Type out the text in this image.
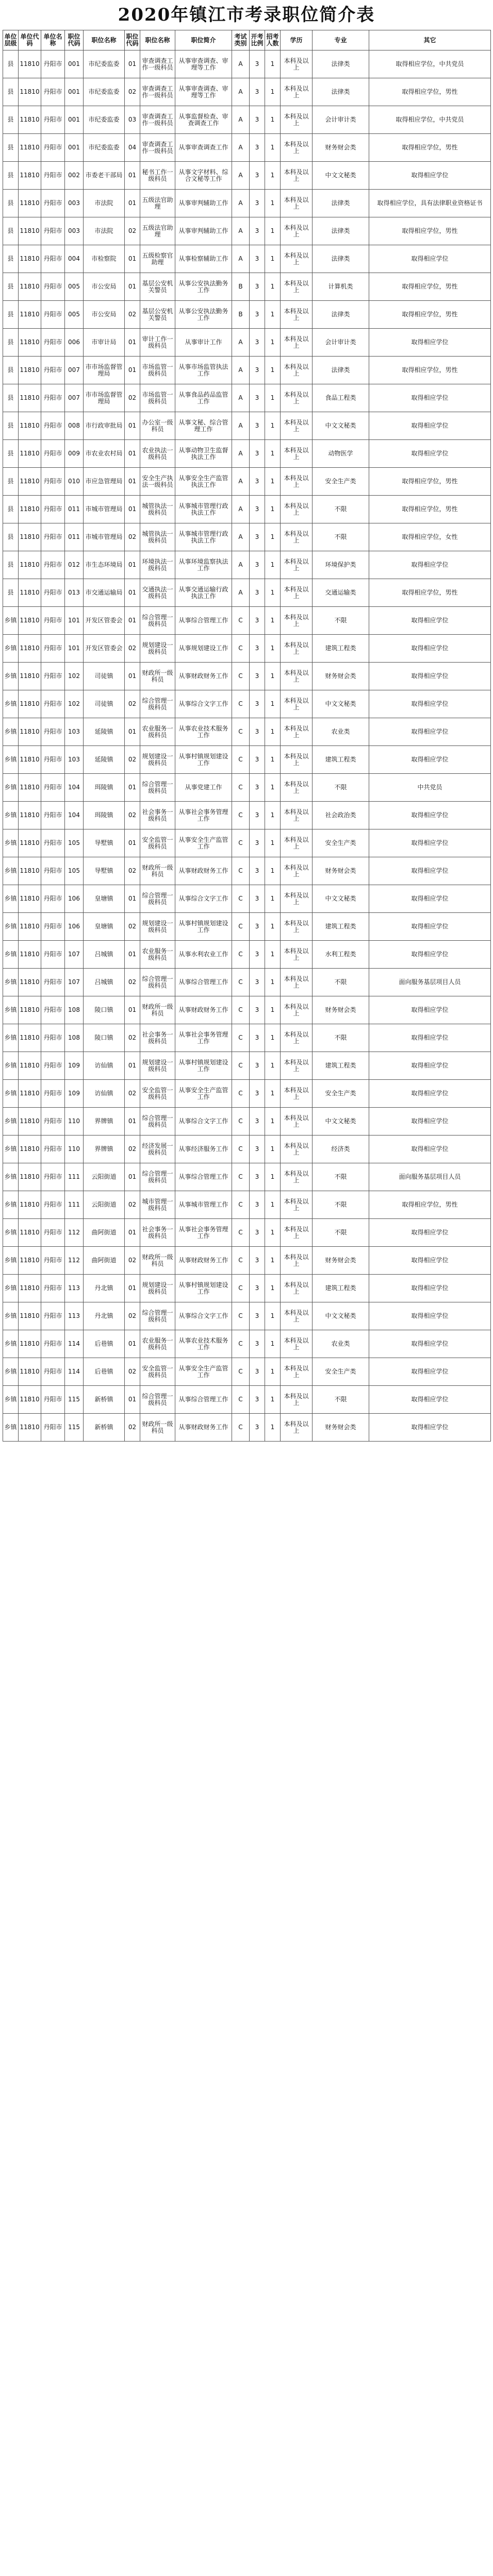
2020年镇江市考录职位简介表
单位层级	单位代码	单位名称	职位代码	职位名称	职位代码	职位名称	职位简介	考试类别	开考比例	招考人数	学历	专业	其它
县	11810	丹阳市	001	市纪委监委	01	审查调查工作一级科员	从事审查调查、审理等工作	A	3	1	本科及以上	法律类	取得相应学位，中共党员
县	11810	丹阳市	001	市纪委监委	02	审查调查工作一级科员	从事审查调查、审理等工作	A	3	1	本科及以上	法律类	取得相应学位，男性
县	11810	丹阳市	001	市纪委监委	03	审查调查工作一级科员	从事监督检查、审查调查工作	A	3	1	本科及以上	会计审计类	取得相应学位，中共党员
县	11810	丹阳市	001	市纪委监委	04	审查调查工作一级科员	从事审查调查工作	A	3	1	本科及以上	财务财会类	取得相应学位，男性
县	11810	丹阳市	002	市委老干部局	01	秘书工作一级科员	从事文字材料、综合文秘等工作	A	3	1	本科及以上	中文文秘类	取得相应学位
县	11810	丹阳市	003	市法院	01	五级法官助理	从事审判辅助工作	A	3	1	本科及以上	法律类	取得相应学位，具有法律职业资格证书
县	11810	丹阳市	003	市法院	02	五级法官助理	从事审判辅助工作	A	3	1	本科及以上	法律类	取得相应学位，男性
县	11810	丹阳市	004	市检察院	01	五级检察官助理	从事检察辅助工作	A	3	1	本科及以上	法律类	取得相应学位
县	11810	丹阳市	005	市公安局	01	基层公安机关警员	从事公安执法勤务工作	B	3	1	本科及以上	计算机类	取得相应学位，男性
县	11810	丹阳市	005	市公安局	02	基层公安机关警员	从事公安执法勤务工作	B	3	1	本科及以上	法律类	取得相应学位，男性
县	11810	丹阳市	006	市审计局	01	审计工作一级科员	从事审计工作	A	3	1	本科及以上	会计审计类	取得相应学位
县	11810	丹阳市	007	市市场监督管理局	01	市场监管一级科员	从事市场监管执法工作	A	3	1	本科及以上	法律类	取得相应学位，男性
县	11810	丹阳市	007	市市场监督管理局	02	市场监管一级科员	从事食品药品监管工作	A	3	1	本科及以上	食品工程类	取得相应学位
县	11810	丹阳市	008	市行政审批局	01	办公室一级科员	从事文秘、综合管理工作	A	3	1	本科及以上	中文文秘类	取得相应学位
县	11810	丹阳市	009	市农业农村局	01	农业执法一级科员	从事动物卫生监督执法工作	A	3	1	本科及以上	动物医学	取得相应学位
县	11810	丹阳市	010	市应急管理局	01	安全生产执法一级科员	从事安全生产监管执法工作	A	3	1	本科及以上	安全生产类	取得相应学位，男性
县	11810	丹阳市	011	市城市管理局	01	城管执法一级科员	从事城市管理行政执法工作	A	3	1	本科及以上	不限	取得相应学位，男性
县	11810	丹阳市	011	市城市管理局	02	城管执法一级科员	从事城市管理行政执法工作	A	3	1	本科及以上	不限	取得相应学位，女性
县	11810	丹阳市	012	市生态环境局	01	环境执法一级科员	从事环境监察执法工作	A	3	1	本科及以上	环境保护类	取得相应学位
县	11810	丹阳市	013	市交通运输局	01	交通执法一级科员	从事交通运输行政执法工作	A	3	1	本科及以上	交通运输类	取得相应学位，男性
乡镇	11810	丹阳市	101	开发区管委会	01	综合管理一级科员	从事综合管理工作	C	3	1	本科及以上	不限	取得相应学位
乡镇	11810	丹阳市	101	开发区管委会	02	规划建设一级科员	从事规划建设工作	C	3	1	本科及以上	建筑工程类	取得相应学位
乡镇	11810	丹阳市	102	司徒镇	01	财政所一级科员	从事财政财务工作	C	3	1	本科及以上	财务财会类	取得相应学位
乡镇	11810	丹阳市	102	司徒镇	02	综合管理一级科员	从事综合文字工作	C	3	1	本科及以上	中文文秘类	取得相应学位
乡镇	11810	丹阳市	103	延陵镇	01	农业服务一级科员	从事农业技术服务工作	C	3	1	本科及以上	农业类	取得相应学位
乡镇	11810	丹阳市	103	延陵镇	02	规划建设一级科员	从事村镇规划建设工作	C	3	1	本科及以上	建筑工程类	取得相应学位
乡镇	11810	丹阳市	104	珥陵镇	01	综合管理一级科员	从事党建工作	C	3	1	本科及以上	不限	中共党员
乡镇	11810	丹阳市	104	珥陵镇	02	社会事务一级科员	从事社会事务管理工作	C	3	1	本科及以上	社会政治类	取得相应学位
乡镇	11810	丹阳市	105	导墅镇	01	安全监管一级科员	从事安全生产监管工作	C	3	1	本科及以上	安全生产类	取得相应学位
乡镇	11810	丹阳市	105	导墅镇	02	财政所一级科员	从事财政财务工作	C	3	1	本科及以上	财务财会类	取得相应学位
乡镇	11810	丹阳市	106	皇塘镇	01	综合管理一级科员	从事综合文字工作	C	3	1	本科及以上	中文文秘类	取得相应学位
乡镇	11810	丹阳市	106	皇塘镇	02	规划建设一级科员	从事村镇规划建设工作	C	3	1	本科及以上	建筑工程类	取得相应学位
乡镇	11810	丹阳市	107	吕城镇	01	农业服务一级科员	从事水利农业工作	C	3	1	本科及以上	水利工程类	取得相应学位
乡镇	11810	丹阳市	107	吕城镇	02	综合管理一级科员	从事综合管理工作	C	3	1	本科及以上	不限	面向服务基层项目人员
乡镇	11810	丹阳市	108	陵口镇	01	财政所一级科员	从事财政财务工作	C	3	1	本科及以上	财务财会类	取得相应学位
乡镇	11810	丹阳市	108	陵口镇	02	社会事务一级科员	从事社会事务管理工作	C	3	1	本科及以上	不限	取得相应学位
乡镇	11810	丹阳市	109	访仙镇	01	规划建设一级科员	从事村镇规划建设工作	C	3	1	本科及以上	建筑工程类	取得相应学位
乡镇	11810	丹阳市	109	访仙镇	02	安全监管一级科员	从事安全生产监管工作	C	3	1	本科及以上	安全生产类	取得相应学位
乡镇	11810	丹阳市	110	界牌镇	01	综合管理一级科员	从事综合文字工作	C	3	1	本科及以上	中文文秘类	取得相应学位
乡镇	11810	丹阳市	110	界牌镇	02	经济发展一级科员	从事经济服务工作	C	3	1	本科及以上	经济类	取得相应学位
乡镇	11810	丹阳市	111	云阳街道	01	综合管理一级科员	从事综合管理工作	C	3	1	本科及以上	不限	面向服务基层项目人员
乡镇	11810	丹阳市	111	云阳街道	02	城市管理一级科员	从事城市管理工作	C	3	1	本科及以上	不限	取得相应学位，男性
乡镇	11810	丹阳市	112	曲阿街道	01	社会事务一级科员	从事社会事务管理工作	C	3	1	本科及以上	不限	取得相应学位
乡镇	11810	丹阳市	112	曲阿街道	02	财政所一级科员	从事财政财务工作	C	3	1	本科及以上	财务财会类	取得相应学位
乡镇	11810	丹阳市	113	丹北镇	01	规划建设一级科员	从事村镇规划建设工作	C	3	1	本科及以上	建筑工程类	取得相应学位
乡镇	11810	丹阳市	113	丹北镇	02	综合管理一级科员	从事综合文字工作	C	3	1	本科及以上	中文文秘类	取得相应学位
乡镇	11810	丹阳市	114	后巷镇	01	农业服务一级科员	从事农业技术服务工作	C	3	1	本科及以上	农业类	取得相应学位
乡镇	11810	丹阳市	114	后巷镇	02	安全监管一级科员	从事安全生产监管工作	C	3	1	本科及以上	安全生产类	取得相应学位
乡镇	11810	丹阳市	115	新桥镇	01	综合管理一级科员	从事综合管理工作	C	3	1	本科及以上	不限	取得相应学位
乡镇	11810	丹阳市	115	新桥镇	02	财政所一级科员	从事财政财务工作	C	3	1	本科及以上	财务财会类	取得相应学位
